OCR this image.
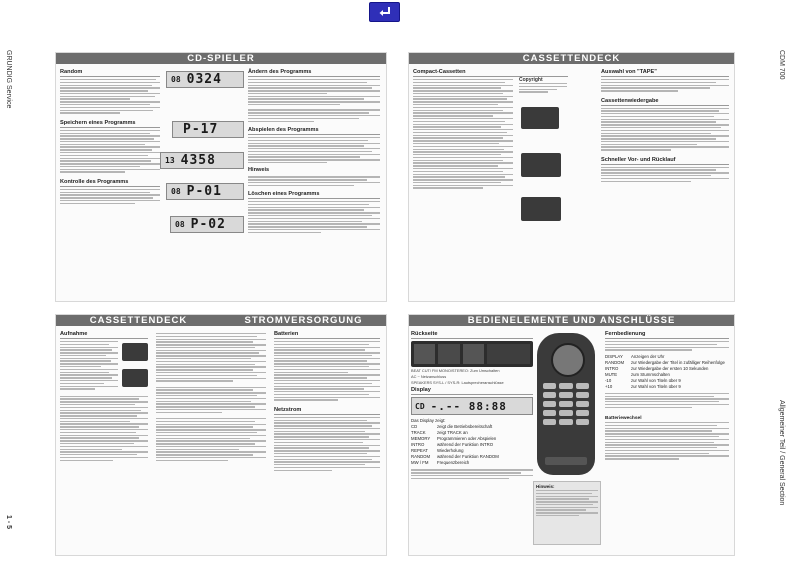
GRUNDIG Service
1 - 5
CDM 700
Allgemeiner Teil / General Section
CD-SPIELER
Random
Speichern eines Programms
Kontrolle des Programms
08 0324
P-17
13 4358
08 P-01
08 P-02
Ändern des Programms
Abspielen des Programms
Hinweis
Löschen eines Programms
CASSETTENDECK
Compact-Cassetten
Copyright
Auswahl von "TAPE"
Cassettenwiedergabe
Schneller Vor- und Rücklauf
CASSETTENDECK	STROMVERSORGUNG
Aufnahme	Batterien
Netzstrom
BEDIENELEMENTE UND ANSCHLÜSSE
Rückseite

BEAT CUT/ FM MONO/STEREO: Zum Umschalten

AC ~ Netzanschluss

SPEAKERS SYS-L / SYS-R: Lautsprecheranschlüsse

Display
CD -.-- 88:88
Das Display zeigt:
CD	zeigt die Betriebsbereitschaft
TRACK	zeigt TRACK an
MEMORY	Programmieren oder Abspielen
INTRO	während der Funktion INTRO
REPEAT	Wiederholung
RANDOM	während der Funktion RANDOM
MW / FM	Frequenzbereich
Hinweis:
Fernbedienung
DISPLAY	Anzeigen der Uhr
RANDOM	zur Wiedergabe der Titel in zufälliger Reihenfolge
INTRO	zur Wiedergabe der ersten 10 Sekunden
MUTE	zum Stummschalten
-10	zur Wahl von Titeln über 9
+10	zur Wahl von Titeln über 9
Batteriewechsel
